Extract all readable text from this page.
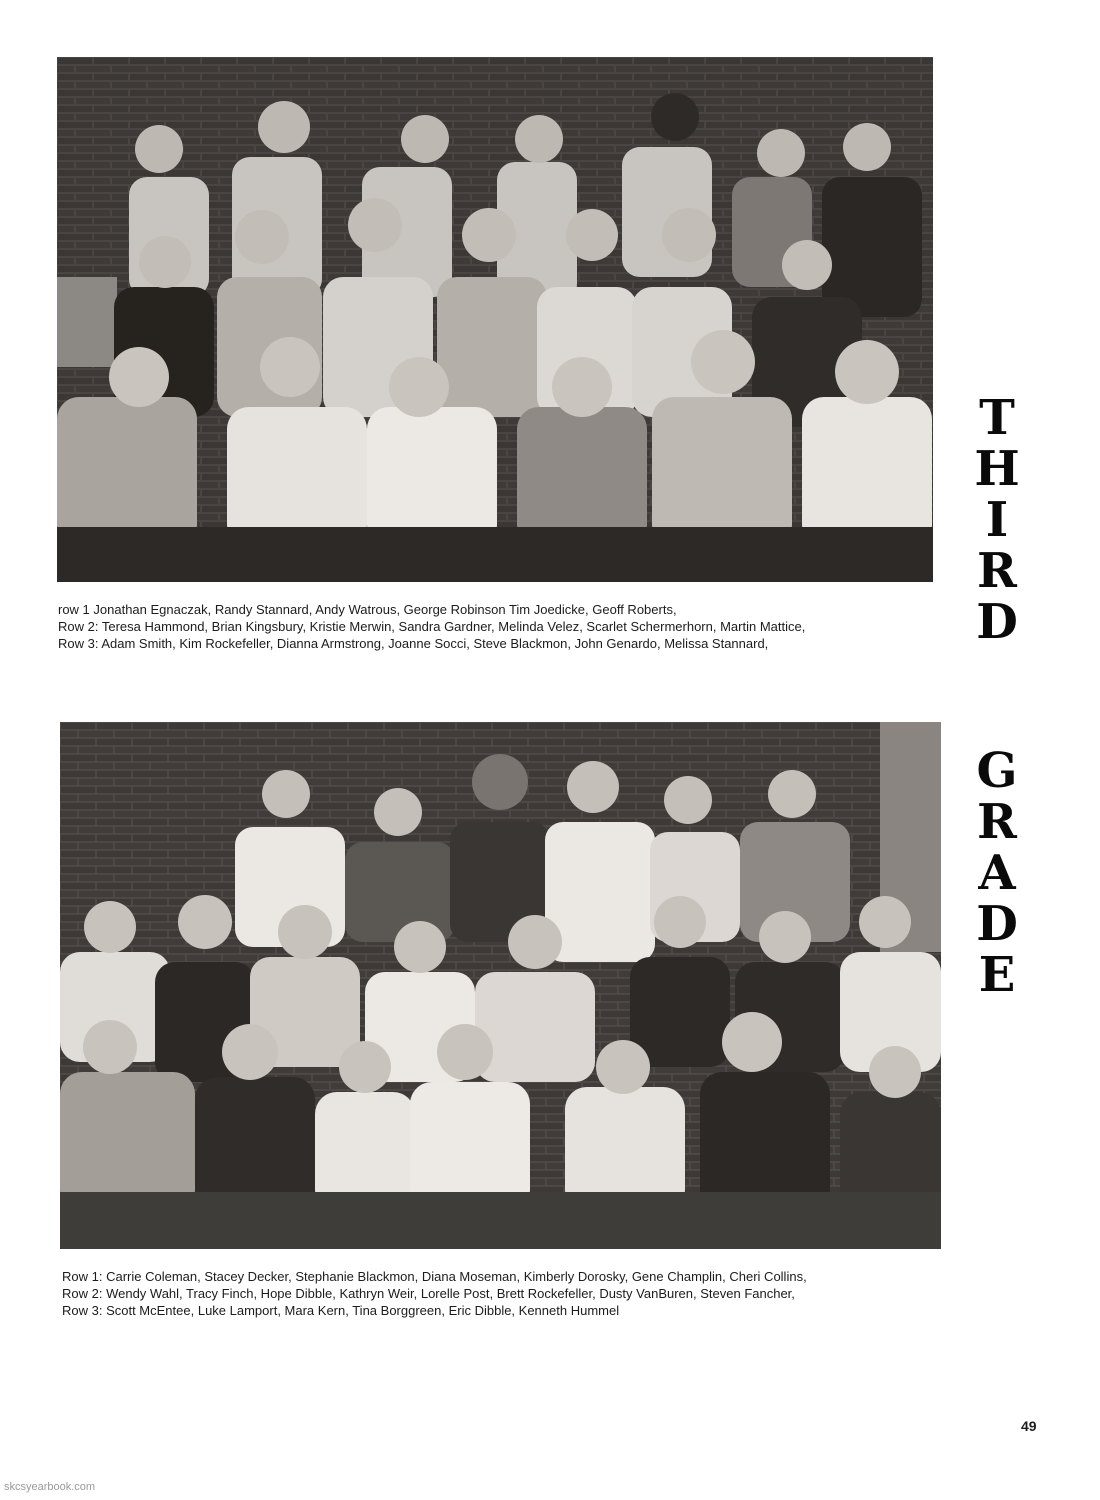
row 1 Jonathan Egnaczak, Randy Stannard, Andy Watrous, George Robinson Tim Joedicke, Geoff Roberts,
Row 2: Teresa Hammond, Brian Kingsbury, Kristie Merwin, Sandra Gardner, Melinda Velez, Scarlet Schermerhorn, Martin Mattice,
Row 3: Adam Smith, Kim Rockefeller, Dianna Armstrong, Joanne Socci, Steve Blackmon, John Genardo, Melissa Stannard,
Row 1: Carrie Coleman, Stacey Decker, Stephanie Blackmon, Diana Moseman, Kimberly Dorosky, Gene Champlin, Cheri Collins,
Row 2: Wendy Wahl, Tracy Finch, Hope Dibble, Kathryn Weir, Lorelle Post, Brett Rockefeller, Dusty VanBuren, Steven Fancher,
Row 3: Scott McEntee, Luke Lamport, Mara Kern, Tina Borggreen, Eric Dibble, Kenneth Hummel
T
H
I
R
D
G
R
A
D
E
49
skcsyearbook.com
